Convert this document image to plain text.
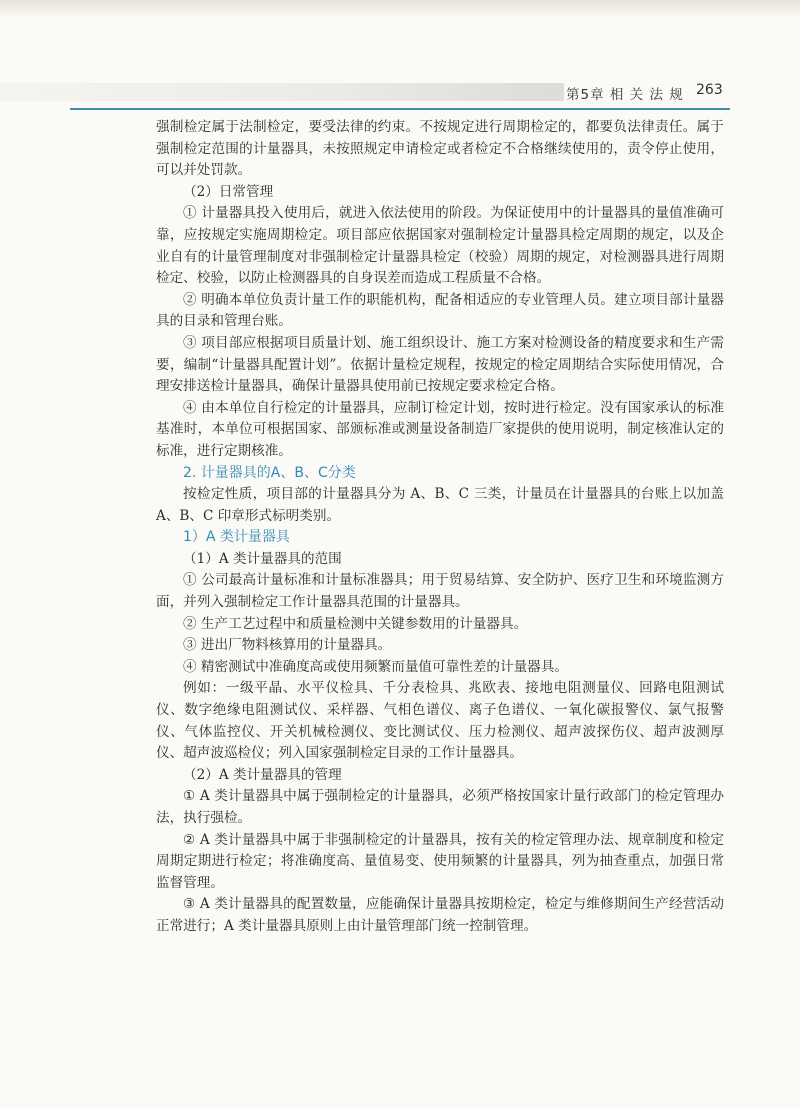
第5章 相 关 法 规 263

强制检定属于法制检定，要受法律的约束。不按规定进行周期检定的，都要负法律责任。属于强制检定范围的计量器具，未按照规定申请检定或者检定不合格继续使用的，责令停止使用，可以并处罚款。

（2）日常管理

① 计量器具投入使用后，就进入依法使用的阶段。为保证使用中的计量器具的量值准确可靠，应按规定实施周期检定。项目部应依据国家对强制检定计量器具检定周期的规定，以及企业自有的计量管理制度对非强制检定计量器具检定（校验）周期的规定，对检测器具进行周期检定、校验，以防止检测器具的自身误差而造成工程质量不合格。

② 明确本单位负责计量工作的职能机构，配备相适应的专业管理人员。建立项目部计量器具的目录和管理台账。

③ 项目部应根据项目质量计划、施工组织设计、施工方案对检测设备的精度要求和生产需要，编制“计量器具配置计划”。依据计量检定规程，按规定的检定周期结合实际使用情况，合理安排送检计量器具，确保计量器具使用前已按规定要求检定合格。

④ 由本单位自行检定的计量器具，应制订检定计划，按时进行检定。没有国家承认的标准基准时，本单位可根据国家、部颁标准或测量设备制造厂家提供的使用说明，制定核准认定的标准，进行定期核准。

2. 计量器具的A、B、C分类

按检定性质，项目部的计量器具分为 A、B、C 三类，计量员在计量器具的台账上以加盖 A、B、C 印章形式标明类别。

1）A 类计量器具

（1）A 类计量器具的范围

① 公司最高计量标准和计量标准器具；用于贸易结算、安全防护、医疗卫生和环境监测方面，并列入强制检定工作计量器具范围的计量器具。

② 生产工艺过程中和质量检测中关键参数用的计量器具。

③ 进出厂物料核算用的计量器具。

④ 精密测试中准确度高或使用频繁而量值可靠性差的计量器具。

例如：一级平晶、水平仪检具、千分表检具、兆欧表、接地电阻测量仪、回路电阻测试仪、数字绝缘电阻测试仪、采样器、气相色谱仪、离子色谱仪、一氧化碳报警仪、氯气报警仪、气体监控仪、开关机械检测仪、变比测试仪、压力检测仪、超声波探伤仪、超声波测厚仪、超声波巡检仪；列入国家强制检定目录的工作计量器具。

（2）A 类计量器具的管理

① A 类计量器具中属于强制检定的计量器具，必须严格按国家计量行政部门的检定管理办法，执行强检。

② A 类计量器具中属于非强制检定的计量器具，按有关的检定管理办法、规章制度和检定周期定期进行检定；将准确度高、量值易变、使用频繁的计量器具，列为抽查重点，加强日常监督管理。

③ A 类计量器具的配置数量，应能确保计量器具按期检定，检定与维修期间生产经营活动正常进行；A 类计量器具原则上由计量管理部门统一控制管理。
